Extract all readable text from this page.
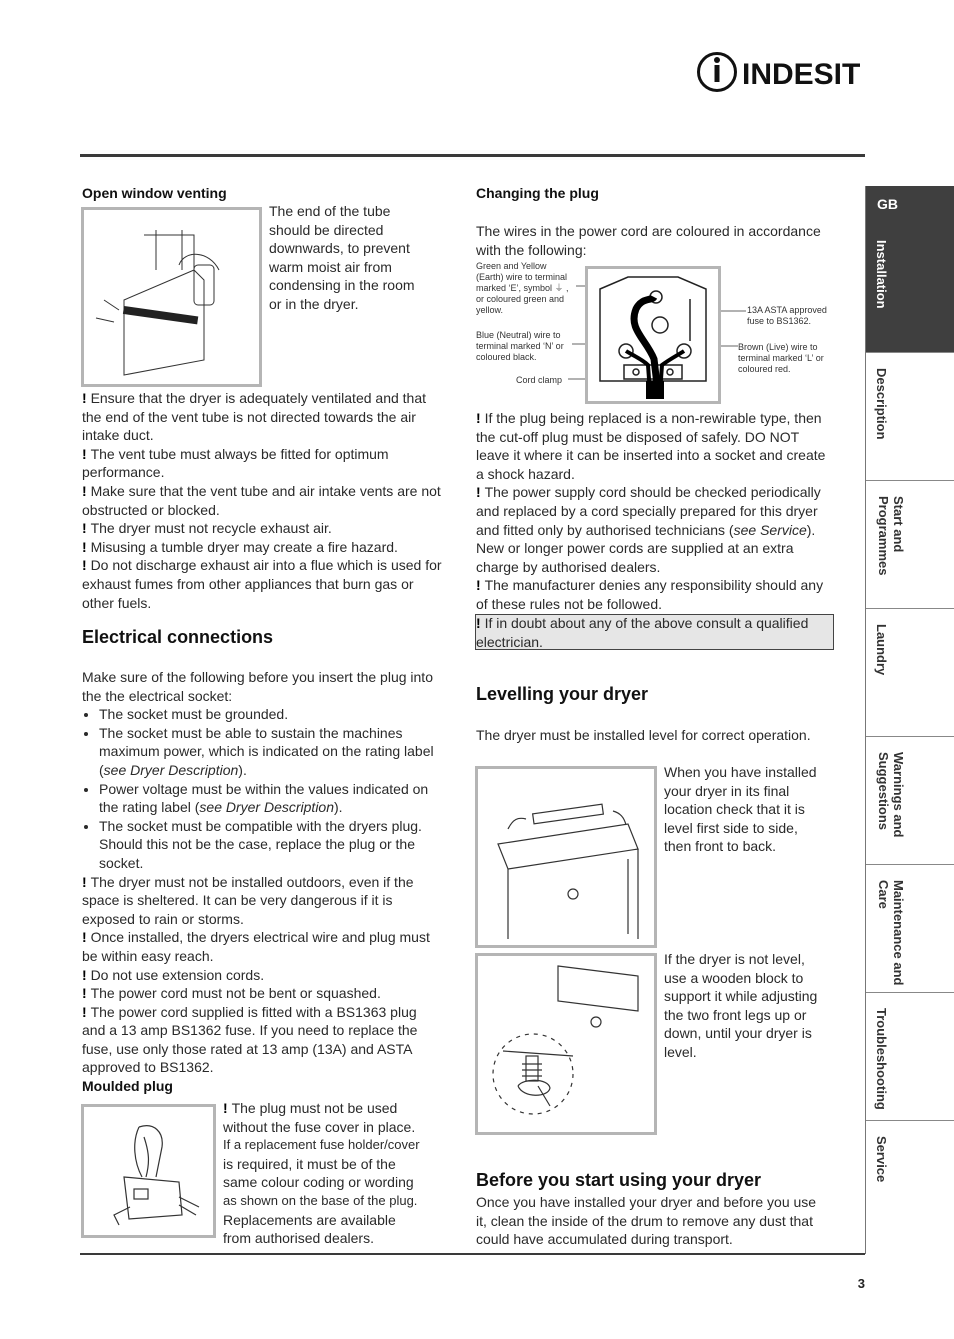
INDESIT
GB
Installation
Description
Start and Programmes
Laundry
Warnings and Suggestions
Maintenance and Care
Troubleshooting
Service
Open window venting

The end of the tube

should be directed

downwards, to prevent

warm moist air from

condensing in the room

or in the dryer.

! Ensure that the dryer is adequately ventilated and that the end of the vent tube is not directed towards the air intake duct.

! The vent tube must always be fitted for optimum performance.

! Make sure that the vent tube and air intake vents are not obstructed or blocked.

! The dryer must not recycle exhaust air.

! Misusing a tumble dryer may create a fire hazard.

! Do not discharge exhaust air into a flue which is used for exhaust fumes from other appliances that burn gas or other fuels.

Electrical connections

Make sure of the following before you insert the plug into the the electrical socket:

• The socket must be grounded.
• The socket must be able to sustain the machines maximum power, which is indicated on the rating label (see Dryer Description).
• Power voltage must be within the values indicated on the rating label (see Dryer Description).
• The socket must be compatible with the dryers plug. Should this not be the case, replace the plug or the socket.

! The dryer must not be installed outdoors, even if the space is sheltered. It can be very dangerous if it is exposed to rain or storms.

! Once installed, the dryers electrical wire and plug must be within easy reach.

! Do not use extension cords.

! The power cord must not be bent or squashed.

! The power cord supplied is fitted with a BS1363 plug and a 13 amp BS1362 fuse. If you need to replace the fuse, use only those rated at 13 amp (13A) and ASTA approved to BS1362.

Moulded plug

! The plug must not be used

without the fuse cover in place.

If a replacement fuse holder/cover

is required, it must be of the

same colour coding or wording

as shown on the base of the plug.

Replacements are available

from authorised dealers.

Changing the plug

The wires in the power cord are coloured in accordance with the following:

Green and Yellow (Earth) wire to terminal marked ‘E’, symbol ⏚ , or coloured green and yellow.
Blue (Neutral) wire to terminal marked ‘N’ or coloured black.
Cord clamp
13A ASTA approved fuse to BS1362.
Brown (Live) wire to terminal marked ‘L’ or coloured red.

! If the plug being replaced is a non-rewirable type, then the cut-off plug must be disposed of safely. DO NOT leave it where it can be inserted into a socket and create a shock hazard.

! The power supply cord should be checked periodically and replaced by a cord specially prepared for this dryer and fitted only by authorised technicians (see Service). New or longer power cords are supplied at an extra charge by authorised dealers.

! The manufacturer denies any responsibility should any of these rules not be followed.

! If in doubt about any of the above consult a qualified electrician.

Levelling your dryer

The dryer must be installed level for correct operation.

When you have installed

your dryer in its final

location check that it is

level first side to side,

then front to back.

If the dryer is not level,

use a wooden block to

support it while adjusting

the two front legs up or

down, until your dryer is

level.

Before you start using your dryer

Once you have installed your dryer and before you use it, clean the inside of the drum to remove any dust that could have accumulated during transport.

3
